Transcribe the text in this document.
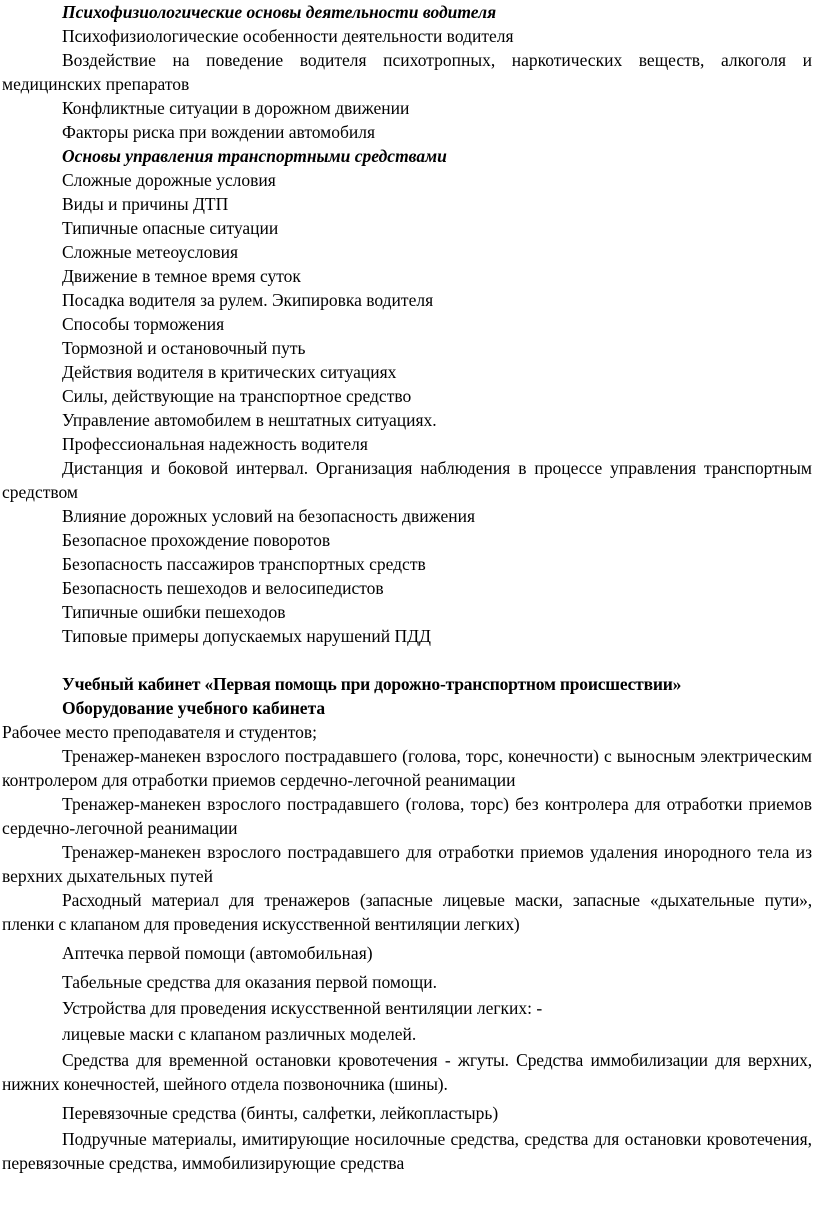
Психофизиологические основы деятельности водителя

Психофизиологические особенности деятельности водителя

Воздействие на поведение водителя психотропных, наркотических веществ, алкоголя и медицинских препаратов

Конфликтные ситуации в дорожном движении

Факторы риска при вождении автомобиля

Основы управления транспортными средствами

Сложные дорожные условия

Виды и причины ДТП

Типичные опасные ситуации

Сложные метеоусловия

Движение в темное время суток

Посадка водителя за рулем. Экипировка водителя

Способы торможения

Тормозной и остановочный путь

Действия водителя в критических ситуациях

Силы, действующие на транспортное средство

Управление автомобилем в нештатных ситуациях.

Профессиональная надежность водителя

Дистанция и боковой интервал. Организация наблюдения в процессе управления транспортным средством

Влияние дорожных условий на безопасность движения

Безопасное прохождение поворотов

Безопасность пассажиров транспортных средств

Безопасность пешеходов и велосипедистов

Типичные ошибки пешеходов

Типовые примеры допускаемых нарушений ПДД

Учебный кабинет «Первая помощь при дорожно-транспортном происшествии»

Оборудование учебного кабинета

Рабочее место преподавателя и студентов;

Тренажер-манекен взрослого пострадавшего (голова, торс, конечности) с выносным электрическим контролером для отработки приемов сердечно-легочной реанимации

Тренажер-манекен взрослого пострадавшего (голова, торс) без контролера для отработки приемов сердечно-легочной реанимации

Тренажер-манекен взрослого пострадавшего для отработки приемов удаления инородного тела из верхних дыхательных путей

Расходный материал для тренажеров (запасные лицевые маски, запасные «дыхательные пути», пленки с клапаном для проведения искусственной вентиляции легких)

Аптечка первой помощи (автомобильная)

Табельные средства для оказания первой помощи.

Устройства для проведения искусственной вентиляции легких: -

лицевые маски с клапаном различных моделей.

Средства для временной остановки кровотечения - жгуты. Средства иммобилизации для верхних, нижних конечностей, шейного отдела позвоночника (шины).

Перевязочные средства (бинты, салфетки, лейкопластырь)

Подручные материалы, имитирующие носилочные средства, средства для остановки кровотечения, перевязочные средства, иммобилизирующие средства
